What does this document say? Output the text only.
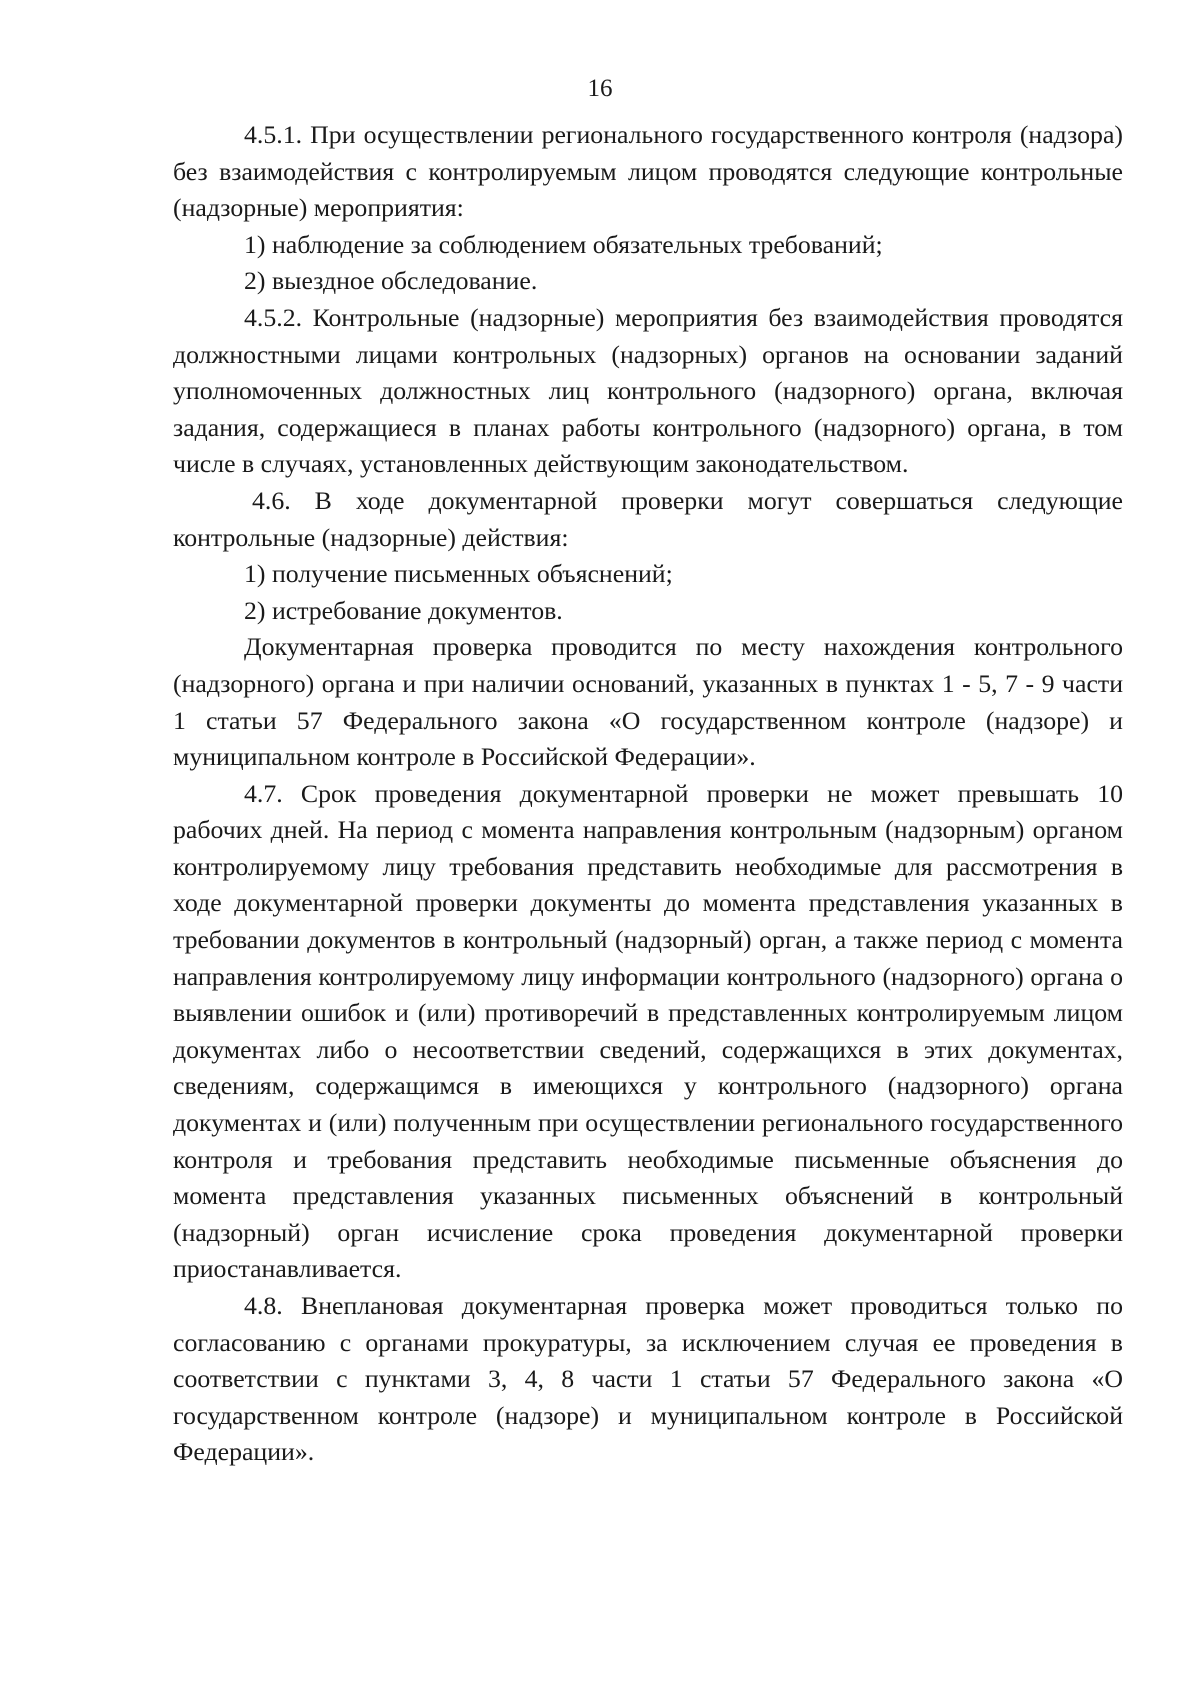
16

4.5.1. При осуществлении регионального государственного контроля (надзора) без взаимодействия с контролируемым лицом проводятся следующие контрольные (надзорные) мероприятия:

1) наблюдение за соблюдением обязательных требований;

2) выездное обследование.

4.5.2. Контрольные (надзорные) мероприятия без взаимодействия проводятся должностными лицами контрольных (надзорных) органов на основании заданий уполномоченных должностных лиц контрольного (надзорного) органа, включая задания, содержащиеся в планах работы контрольного (надзорного) органа, в том числе в случаях, установленных действующим законодательством.

4.6. В ходе документарной проверки могут совершаться следующие контрольные (надзорные) действия:

1) получение письменных объяснений;

2) истребование документов.

Документарная проверка проводится по месту нахождения контрольного (надзорного) органа и при наличии оснований, указанных в пунктах 1 - 5, 7 - 9 части 1 статьи 57 Федерального закона «О государственном контроле (надзоре) и муниципальном контроле в Российской Федерации».

4.7. Срок проведения документарной проверки не может превышать 10 рабочих дней. На период с момента направления контрольным (надзорным) органом контролируемому лицу требования представить необходимые для рассмотрения в ходе документарной проверки документы до момента представления указанных в требовании документов в контрольный (надзорный) орган, а также период с момента направления контролируемому лицу информации контрольного (надзорного) органа о выявлении ошибок и (или) противоречий в представленных контролируемым лицом документах либо о несоответствии сведений, содержащихся в этих документах, сведениям, содержащимся в имеющихся у контрольного (надзорного) органа документах и (или) полученным при осуществлении регионального государственного контроля и требования представить необходимые письменные объяснения до момента представления указанных письменных объяснений в контрольный (надзорный) орган исчисление срока проведения документарной проверки приостанавливается.

4.8. Внеплановая документарная проверка может проводиться только по согласованию с органами прокуратуры, за исключением случая ее проведения в соответствии с пунктами 3, 4, 8 части 1 статьи 57 Федерального закона «О государственном контроле (надзоре) и муниципальном контроле в Российской Федерации».
